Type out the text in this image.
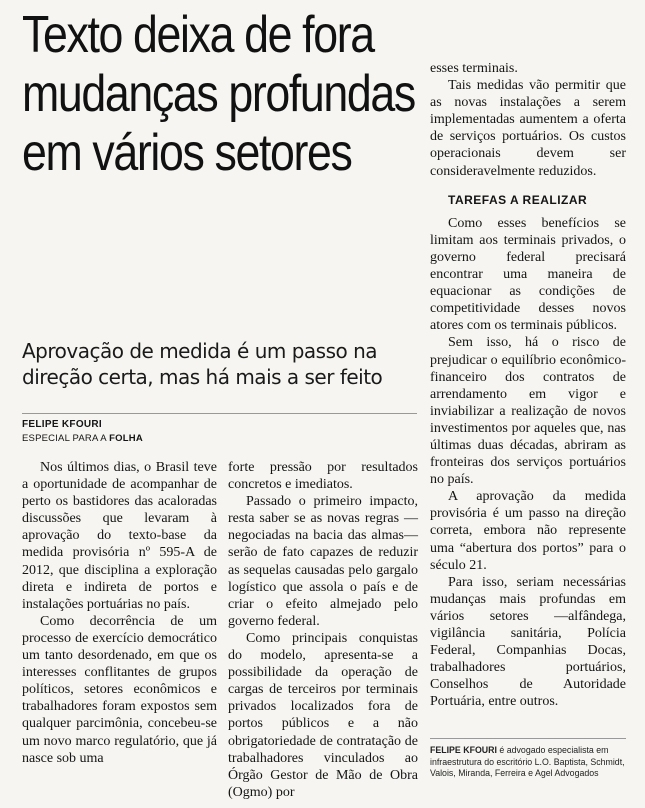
Texto deixa de fora mudanças profundas em vários setores
Aprovação de medida é um passo na direção certa, mas há mais a ser feito
FELIPE KFOURI
ESPECIAL PARA A FOLHA

Nos últimos dias, o Brasil teve a oportunidade de acompanhar de perto os bastidores das acaloradas discussões que levaram à aprovação do texto-base da medida provisória nº 595-A de 2012, que disciplina a exploração direta e indireta de portos e instalações portuárias no país.

Como decorrência de um processo de exercício democrático um tanto desordenado, em que os interesses conflitantes de grupos políticos, setores econômicos e trabalhadores foram expostos sem qualquer parcimônia, concebeu-se um novo marco regulatório, que já nasce sob uma

forte pressão por resultados concretos e imediatos.

Passado o primeiro impacto, resta saber se as novas regras —negociadas na bacia das almas— serão de fato capazes de reduzir as sequelas causadas pelo gargalo logístico que assola o país e de criar o efeito almejado pelo governo federal.

Como principais conquistas do modelo, apresenta-se a possibilidade da operação de cargas de terceiros por terminais privados localizados fora de portos públicos e a não obrigatoriedade de contratação de trabalhadores vinculados ao Órgão Gestor de Mão de Obra (Ogmo) por

esses terminais.

Tais medidas vão permitir que as novas instalações a serem implementadas aumentem a oferta de serviços portuários. Os custos operacionais devem ser consideravelmente reduzidos.

TAREFAS A REALIZAR

Como esses benefícios se limitam aos terminais privados, o governo federal precisará encontrar uma maneira de equacionar as condições de competitividade desses novos atores com os terminais públicos.

Sem isso, há o risco de prejudicar o equilíbrio econômico-financeiro dos contratos de arrendamento em vigor e inviabilizar a realização de novos investimentos por aqueles que, nas últimas duas décadas, abriram as fronteiras dos serviços portuários no país.

A aprovação da medida provisória é um passo na direção correta, embora não represente uma “abertura dos portos” para o século 21.

Para isso, seriam necessárias mudanças mais profundas em vários setores —alfândega, vigilância sanitária, Polícia Federal, Companhias Docas, trabalhadores portuários, Conselhos de Autoridade Portuária, entre outros.

FELIPE KFOURI é advogado especialista em infraestrutura do escritório L.O. Baptista, Schmidt, Valois, Miranda, Ferreira e Agel Advogados
